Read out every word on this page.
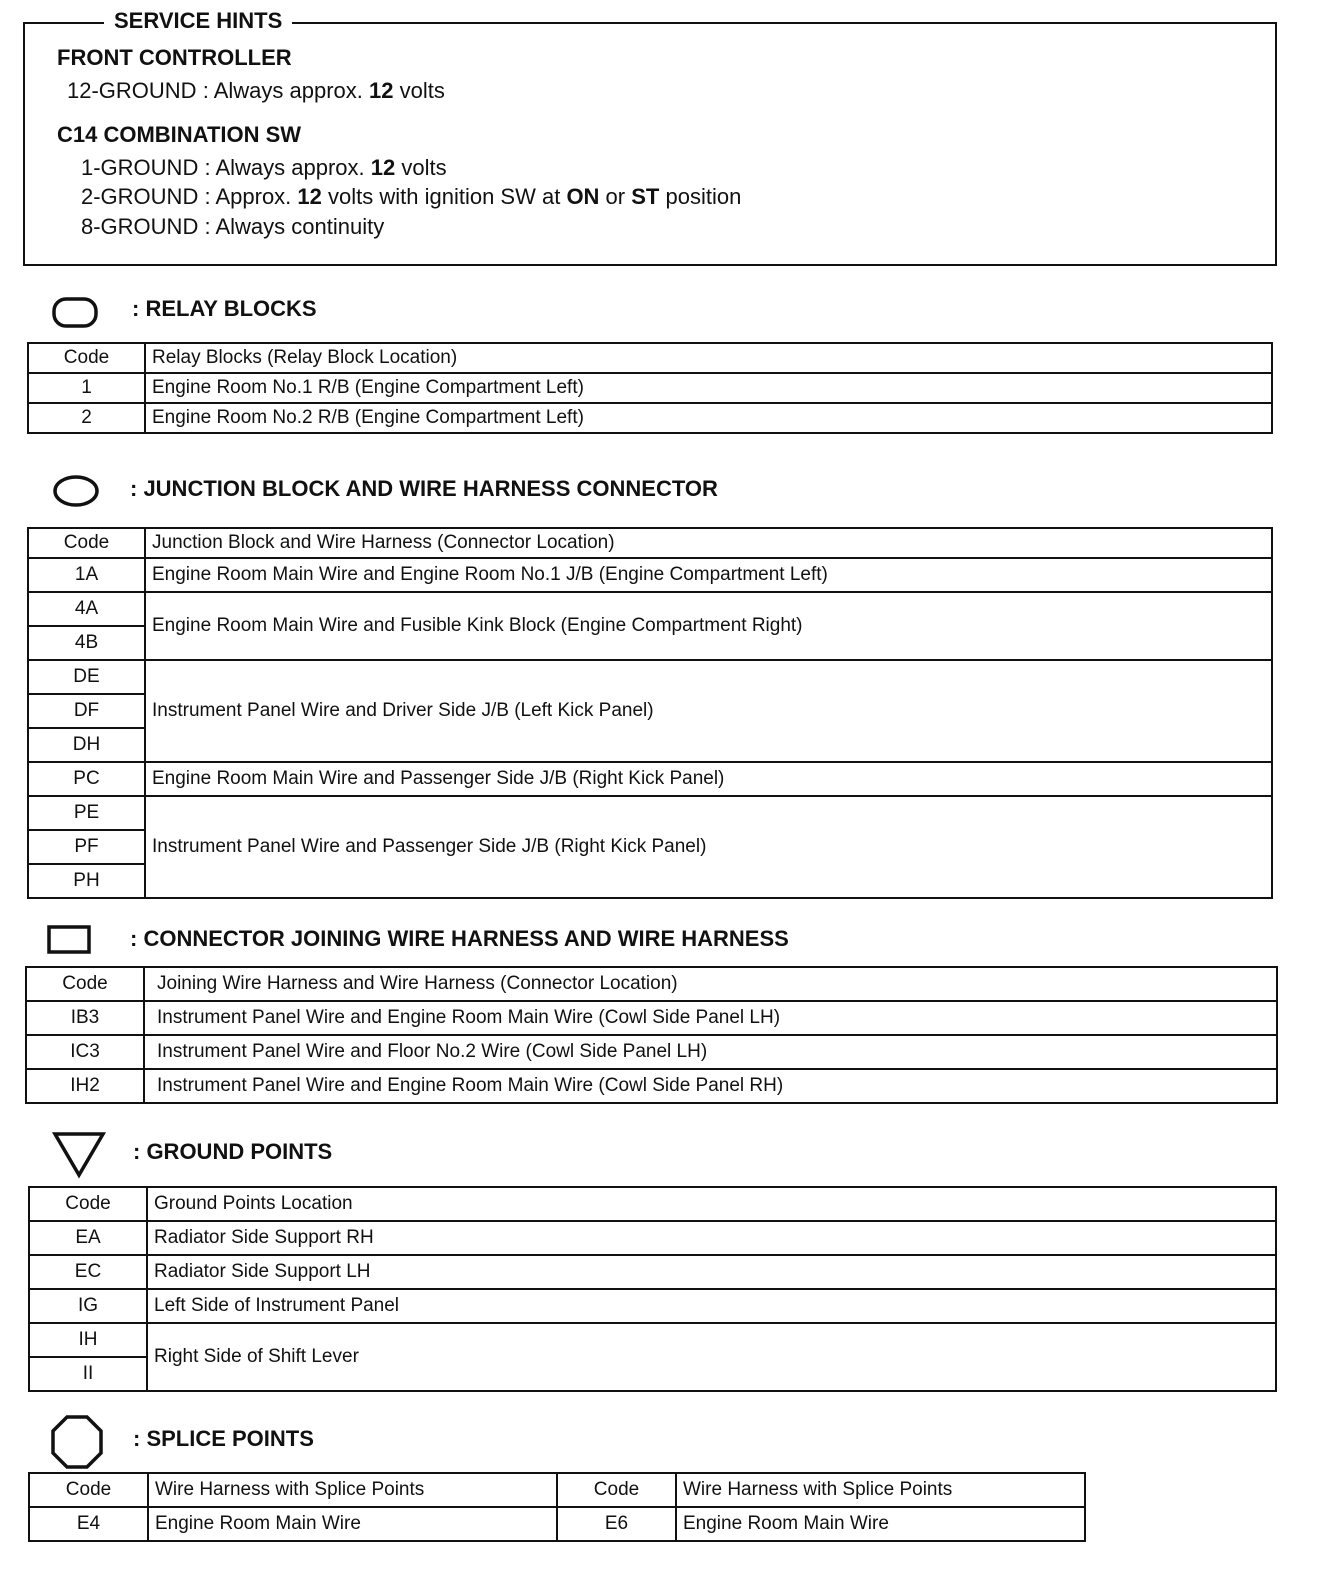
SERVICE HINTS
FRONT CONTROLLER
12-GROUND : Always approx. 12 volts
C14 COMBINATION SW
1-GROUND : Always approx. 12 volts
2-GROUND : Approx. 12 volts with ignition SW at ON or ST position
8-GROUND : Always continuity
: RELAY BLOCKS
Code	Relay Blocks (Relay Block Location)
1	Engine Room No.1 R/B (Engine Compartment Left)
2	Engine Room No.2 R/B (Engine Compartment Left)
: JUNCTION BLOCK AND WIRE HARNESS CONNECTOR
Code	Junction Block and Wire Harness (Connector Location)
1A	Engine Room Main Wire and Engine Room No.1 J/B (Engine Compartment Left)
4A	Engine Room Main Wire and Fusible Kink Block (Engine Compartment Right)
4B	
DE	Instrument Panel Wire and Driver Side J/B (Left Kick Panel)
DF	
DH	
PC	Engine Room Main Wire and Passenger Side J/B (Right Kick Panel)
PE	Instrument Panel Wire and Passenger Side J/B (Right Kick Panel)
PF	
PH	
: CONNECTOR JOINING WIRE HARNESS AND WIRE HARNESS
Code	Joining Wire Harness and Wire Harness (Connector Location)
IB3	Instrument Panel Wire and Engine Room Main Wire (Cowl Side Panel LH)
IC3	Instrument Panel Wire and Floor No.2 Wire (Cowl Side Panel LH)
IH2	Instrument Panel Wire and Engine Room Main Wire (Cowl Side Panel RH)
: GROUND POINTS
Code	Ground Points Location
EA	Radiator Side Support RH
EC	Radiator Side Support LH
IG	Left Side of Instrument Panel
IH	Right Side of Shift Lever
II	
: SPLICE POINTS
Code	Wire Harness with Splice Points	Code	Wire Harness with Splice Points
E4	Engine Room Main Wire	E6	Engine Room Main Wire
